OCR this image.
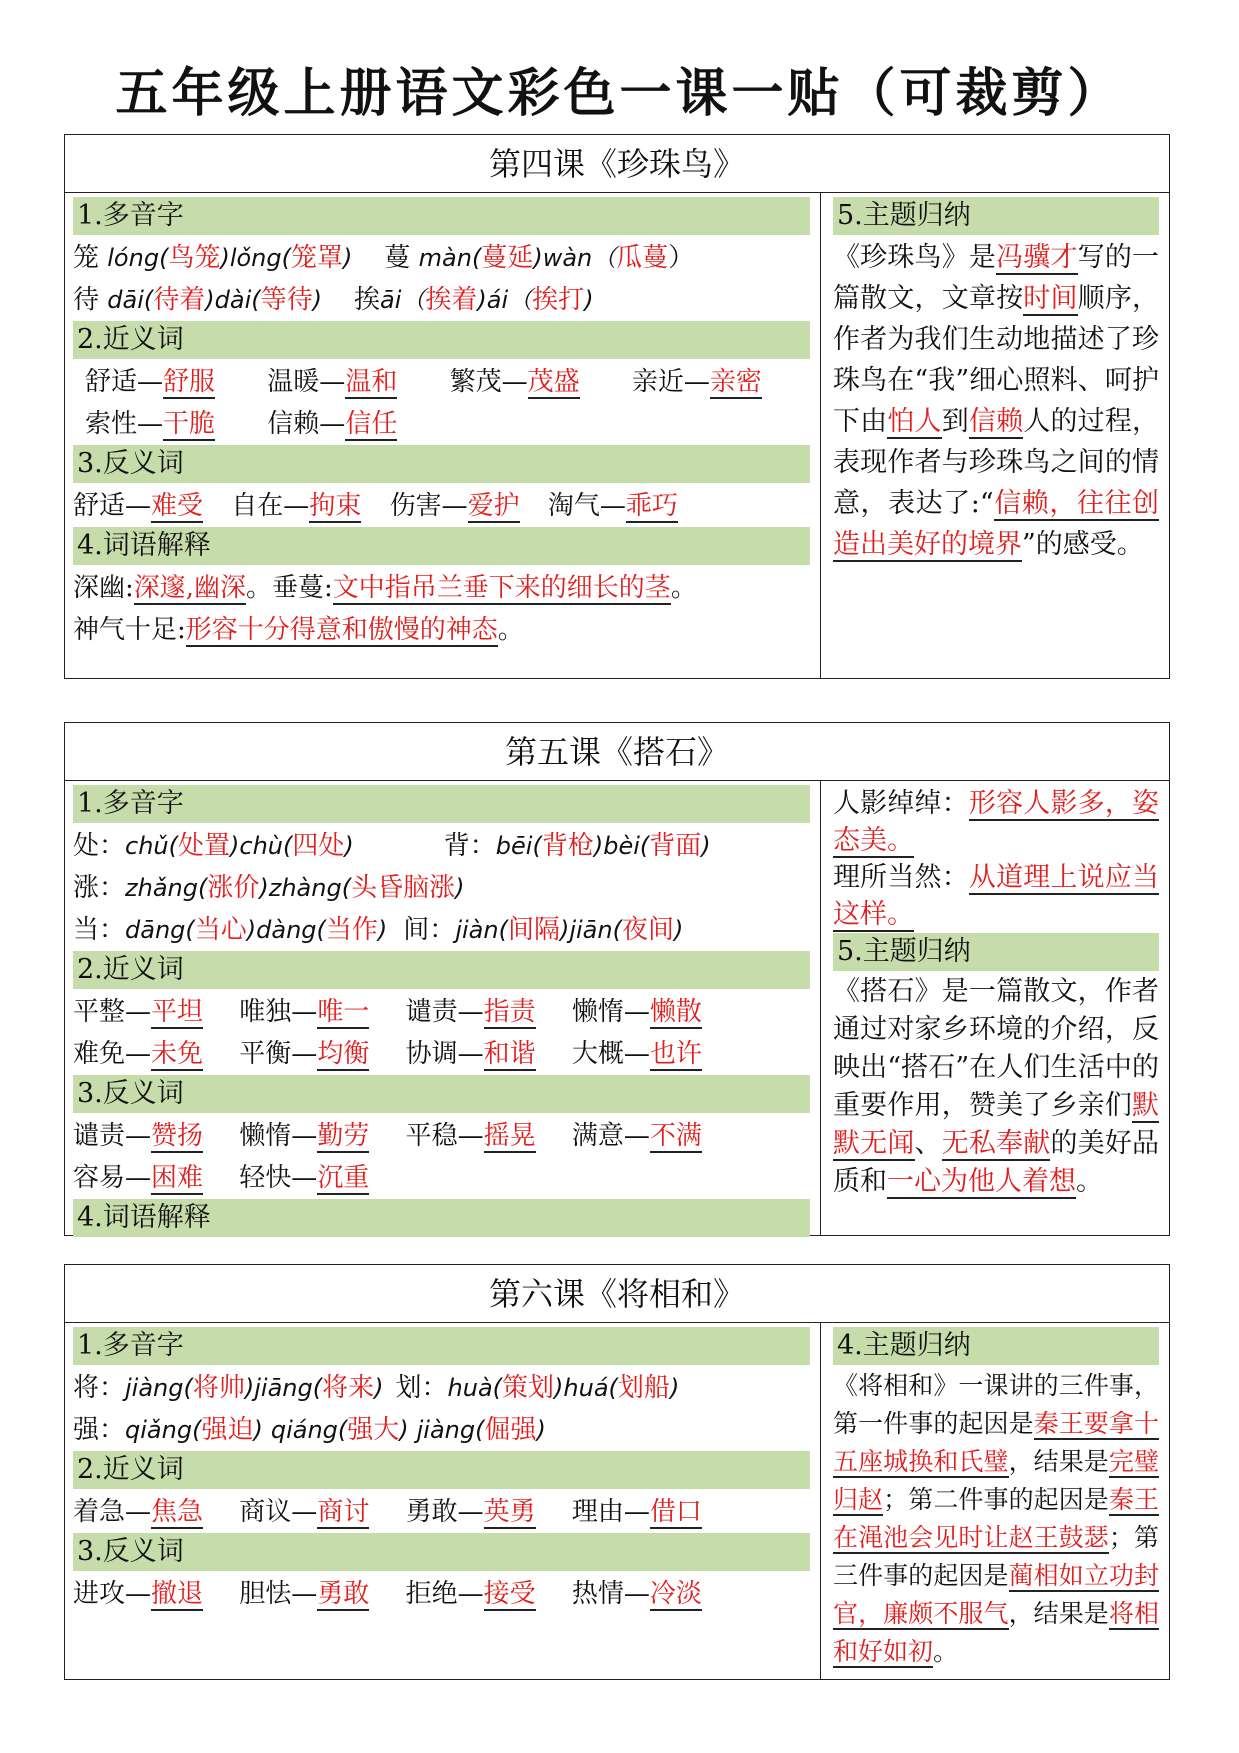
五年级上册语文彩色一课一贴（可裁剪）
第四课《珍珠鸟》
1.多音字
笼 lóng(鸟笼)lǒng(笼罩) 蔓 màn(蔓延)wàn（瓜蔓）
待 dāi(待着)dài(等待) 挨āi（挨着)ái（挨打)
2.近义词
舒适—舒服 温暖—温和 繁茂—茂盛 亲近—亲密
索性—干脆 信赖—信任
3.反义词
舒适—难受 自在—拘束 伤害—爱护 淘气—乖巧
4.词语解释
深幽:深邃,幽深。垂蔓:文中指吊兰垂下来的细长的茎。
神气十足:形容十分得意和傲慢的神态。
5.主题归纳
《珍珠鸟》是冯骥才写的一篇散文，文章按时间顺序，作者为我们生动地描述了珍珠鸟在“我”细心照料、呵护下由怕人到信赖人的过程，表现作者与珍珠鸟之间的情意，表达了:“信赖，往往创造出美好的境界”的感受。
第五课《搭石》
1.多音字
处：chǔ(处置)chù(四处)	背：bēi(背枪)bèi(背面)
涨：zhǎng(涨价)zhàng(头昏脑涨)
当：dāng(当心)dàng(当作) 间：jiàn(间隔)jiān(夜间)
2.近义词
平整—平坦 唯独—唯一 谴责—指责 懒惰—懒散
难免—未免 平衡—均衡 协调—和谐 大概—也许
3.反义词
谴责—赞扬 懒惰—勤劳 平稳—摇晃 满意—不满
容易—困难 轻快—沉重
4.词语解释
人影绰绰：形容人影多，姿态美。
理所当然：从道理上说应当这样。
5.主题归纳
《搭石》是一篇散文，作者通过对家乡环境的介绍，反映出“搭石”在人们生活中的重要作用，赞美了乡亲们默默无闻、无私奉献的美好品质和一心为他人着想。
第六课《将相和》
1.多音字
将：jiàng(将帅)jiāng(将来) 划：huà(策划)huá(划船)
强：qiǎng(强迫) qiáng(强大) jiàng(倔强)
2.近义词
着急—焦急 商议—商讨 勇敢—英勇 理由—借口
3.反义词
进攻—撤退 胆怯—勇敢 拒绝—接受 热情—冷淡
4.主题归纳
《将相和》一课讲的三件事，第一件事的起因是秦王要拿十五座城换和氏璧，结果是完璧归赵；第二件事的起因是秦王在渑池会见时让赵王鼓瑟；第三件事的起因是蔺相如立功封官，廉颇不服气，结果是将相和好如初。
